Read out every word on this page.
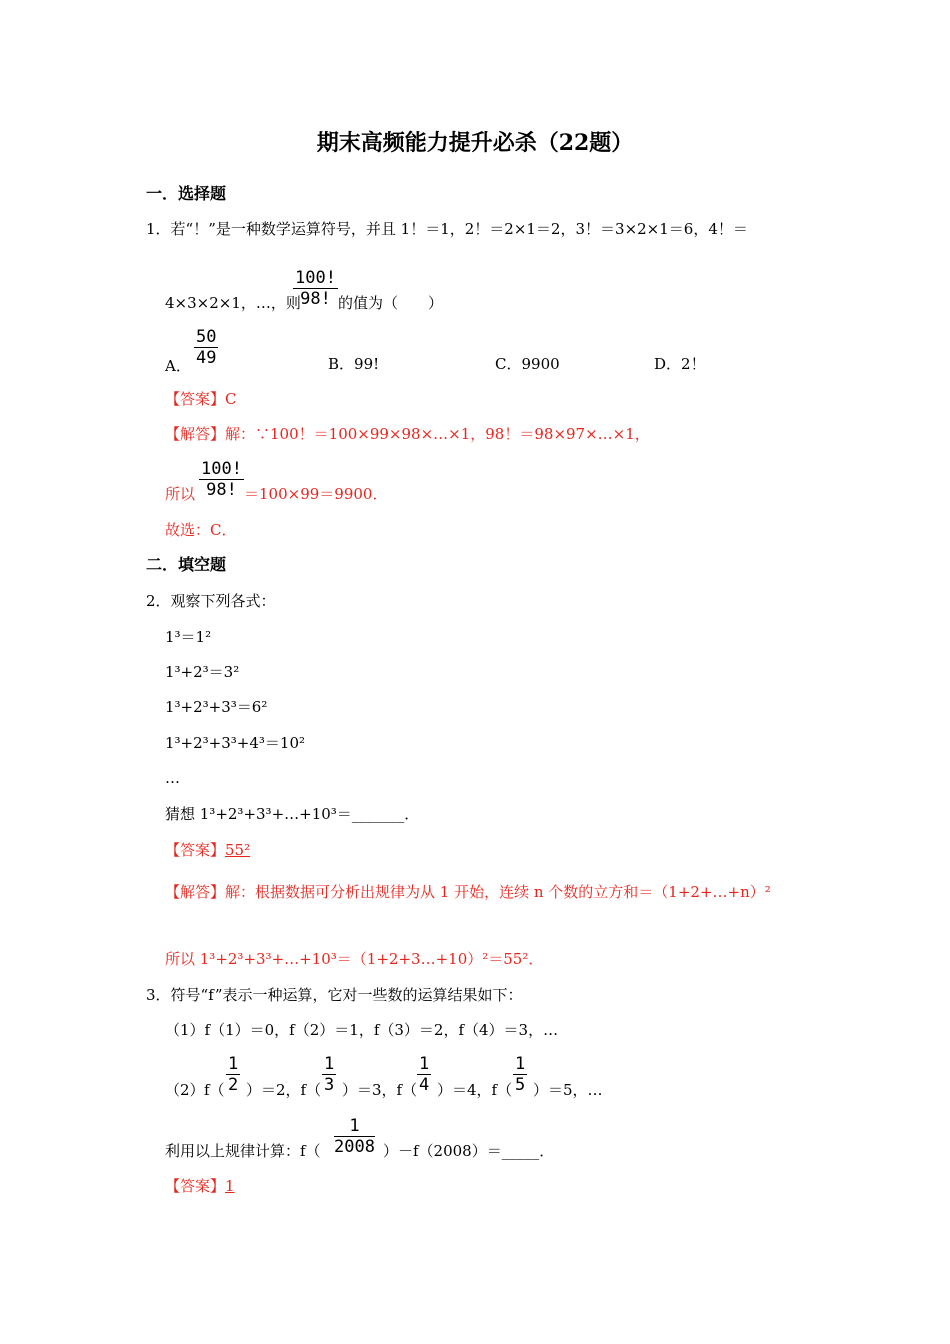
期末高频能力提升必杀（22题）
一．选择题
1．若“！”是一种数学运算符号，并且 1！＝1，2！＝2×1＝2，3！＝3×2×1＝6，4！＝
$\frac{100!}{98!}$
4×3×2×1，…，则 的值为（　　）
A． $\frac{50}{49}$	B．99!	C．9900	D．2！
【答案】C
【解答】解：∵100！＝100×99×98×…×1，98！＝98×97×…×1，
$\frac{100!}{98!}$
所以	＝100×99＝9900．
故选：C．
二．填空题
2．观察下列各式：
1³＝1²
1³+2³＝3²
1³+2³+3³＝6²
1³+2³+3³+4³＝10²
…
猜想 1³+2³+3³+…+10³＝_______．
【答案】55²
【解答】解：根据数据可分析出规律为从 1 开始，连续 n 个数的立方和＝（1+2+…+n）²
所以 1³+2³+3³+…+10³＝（1+2+3…+10）²＝55²．
3．符号“f”表示一种运算，它对一些数的运算结果如下：
（1）f（1）＝0，f（2）＝1，f（3）＝2，f（4）＝3，…
（2） $f( \frac{1}{2} )=2$，$f( \frac{1}{3} )=3$，$f( \frac{1}{4} )=4$，$f( \frac{1}{5} )=5$，…
利用以上规律计算：$f( \frac{1}{2008}$ ）－f（2008）＝_____．
【答案】1
